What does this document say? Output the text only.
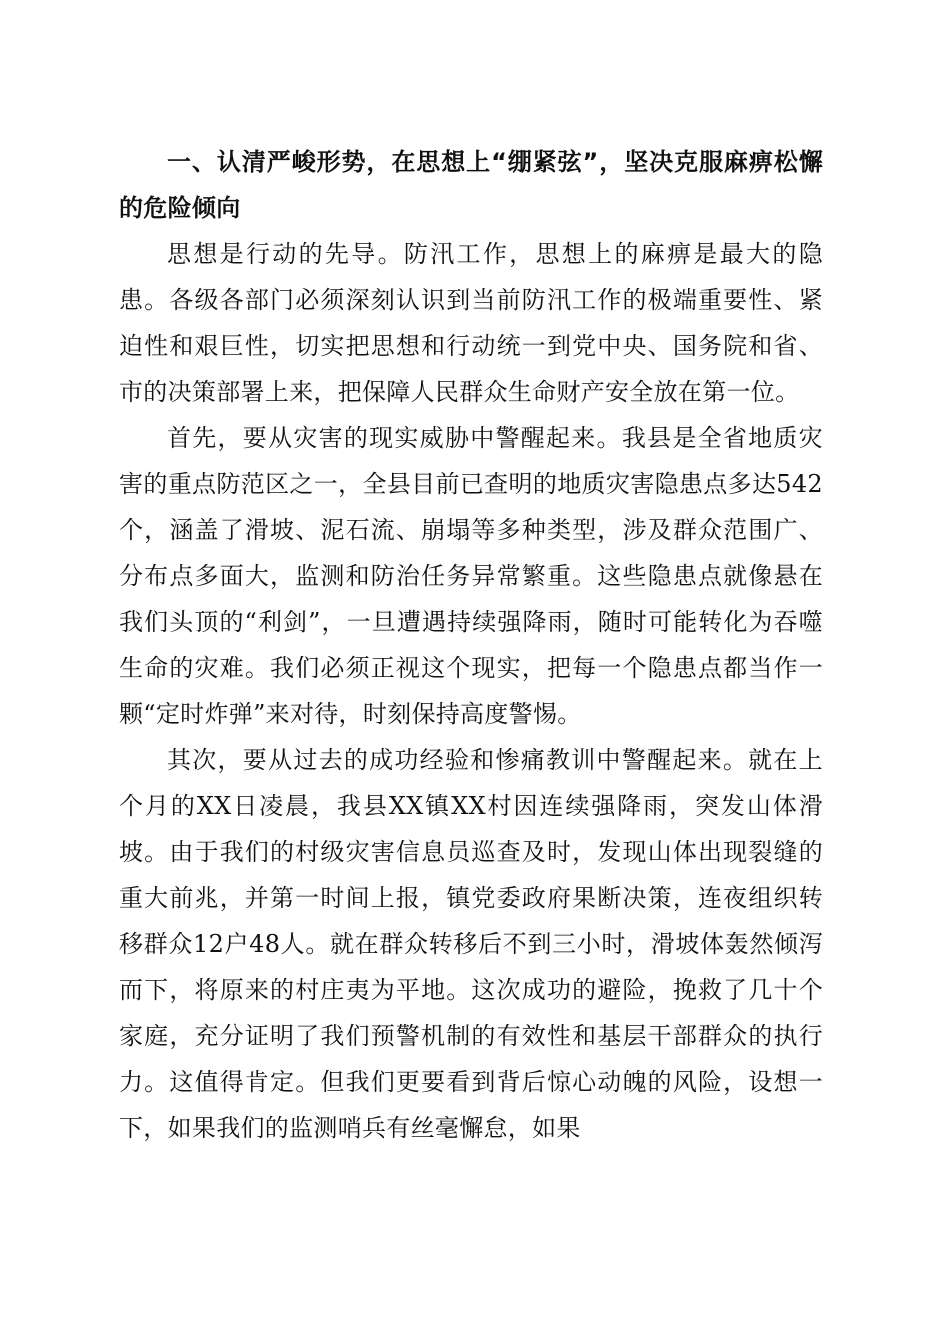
一、认清严峻形势，在思想上“绷紧弦”，坚决克服麻痹松懈的危险倾向

思想是行动的先导。防汛工作，思想上的麻痹是最大的隐患。各级各部门必须深刻认识到当前防汛工作的极端重要性、紧迫性和艰巨性，切实把思想和行动统一到党中央、国务院和省、市的决策部署上来，把保障人民群众生命财产安全放在第一位。

首先，要从灾害的现实威胁中警醒起来。我县是全省地质灾害的重点防范区之一，全县目前已查明的地质灾害隐患点多达542个，涵盖了滑坡、泥石流、崩塌等多种类型，涉及群众范围广、分布点多面大，监测和防治任务异常繁重。这些隐患点就像悬在我们头顶的“利剑”，一旦遭遇持续强降雨，随时可能转化为吞噬生命的灾难。我们必须正视这个现实，把每一个隐患点都当作一颗“定时炸弹”来对待，时刻保持高度警惕。

其次，要从过去的成功经验和惨痛教训中警醒起来。就在上个月的XX日凌晨，我县XX镇XX村因连续强降雨，突发山体滑坡。由于我们的村级灾害信息员巡查及时，发现山体出现裂缝的重大前兆，并第一时间上报，镇党委政府果断决策，连夜组织转移群众12户48人。就在群众转移后不到三小时，滑坡体轰然倾泻而下，将原来的村庄夷为平地。这次成功的避险，挽救了几十个家庭，充分证明了我们预警机制的有效性和基层干部群众的执行力。这值得肯定。但我们更要看到背后惊心动魄的风险，设想一下，如果我们的监测哨兵有丝毫懈怠，如果
